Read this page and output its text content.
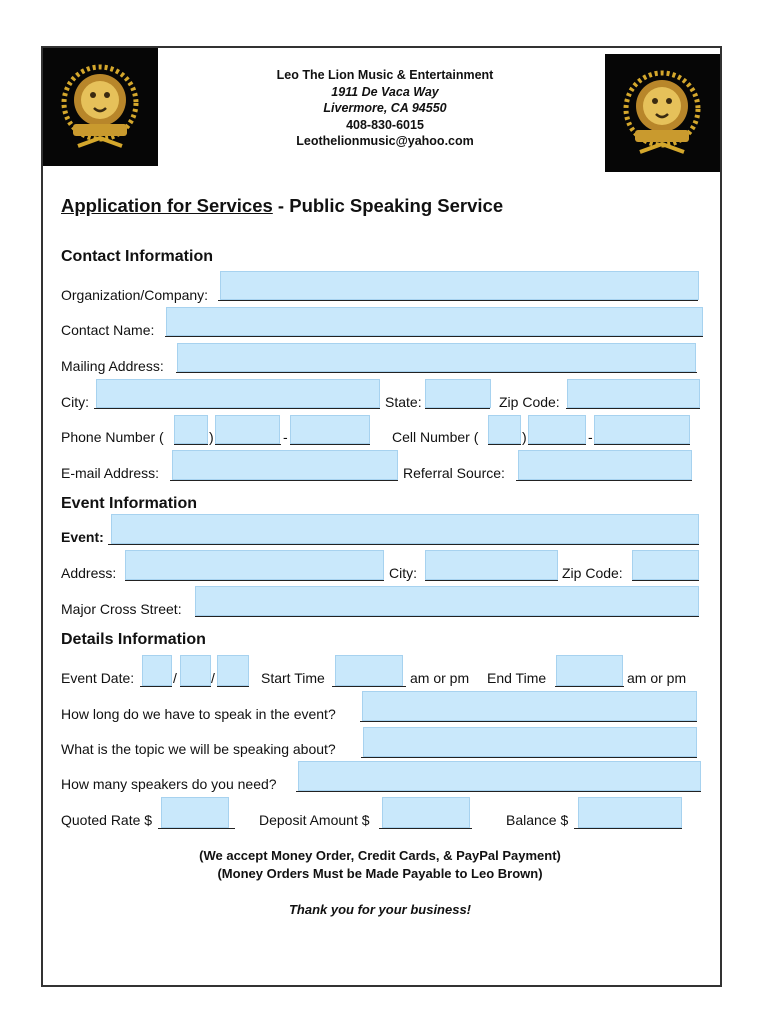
Leo The Lion Music & Entertainment
1911 De Vaca Way
Livermore, CA 94550
408-830-6015
Leothelionmusic@yahoo.com
Application for Services - Public Speaking Service
Contact Information
Organization/Company:
Contact Name:
Mailing Address:
City:	State:	Zip Code:
Phone Number (	)	-	Cell Number (	)	-
E-mail Address:	Referral Source:
Event Information
Event:
Address:	City:	Zip Code:
Major Cross Street:
Details Information
Event Date:	/ /	Start Time	am or pm End Time	am or pm
How long do we have to speak in the event?
What is the topic we will be speaking about?
How many speakers do you need?
Quoted Rate $	Deposit Amount $	Balance $
(We accept Money Order, Credit Cards, & PayPal Payment)
(Money Orders Must be Made Payable to Leo Brown)
Thank you for your business!
